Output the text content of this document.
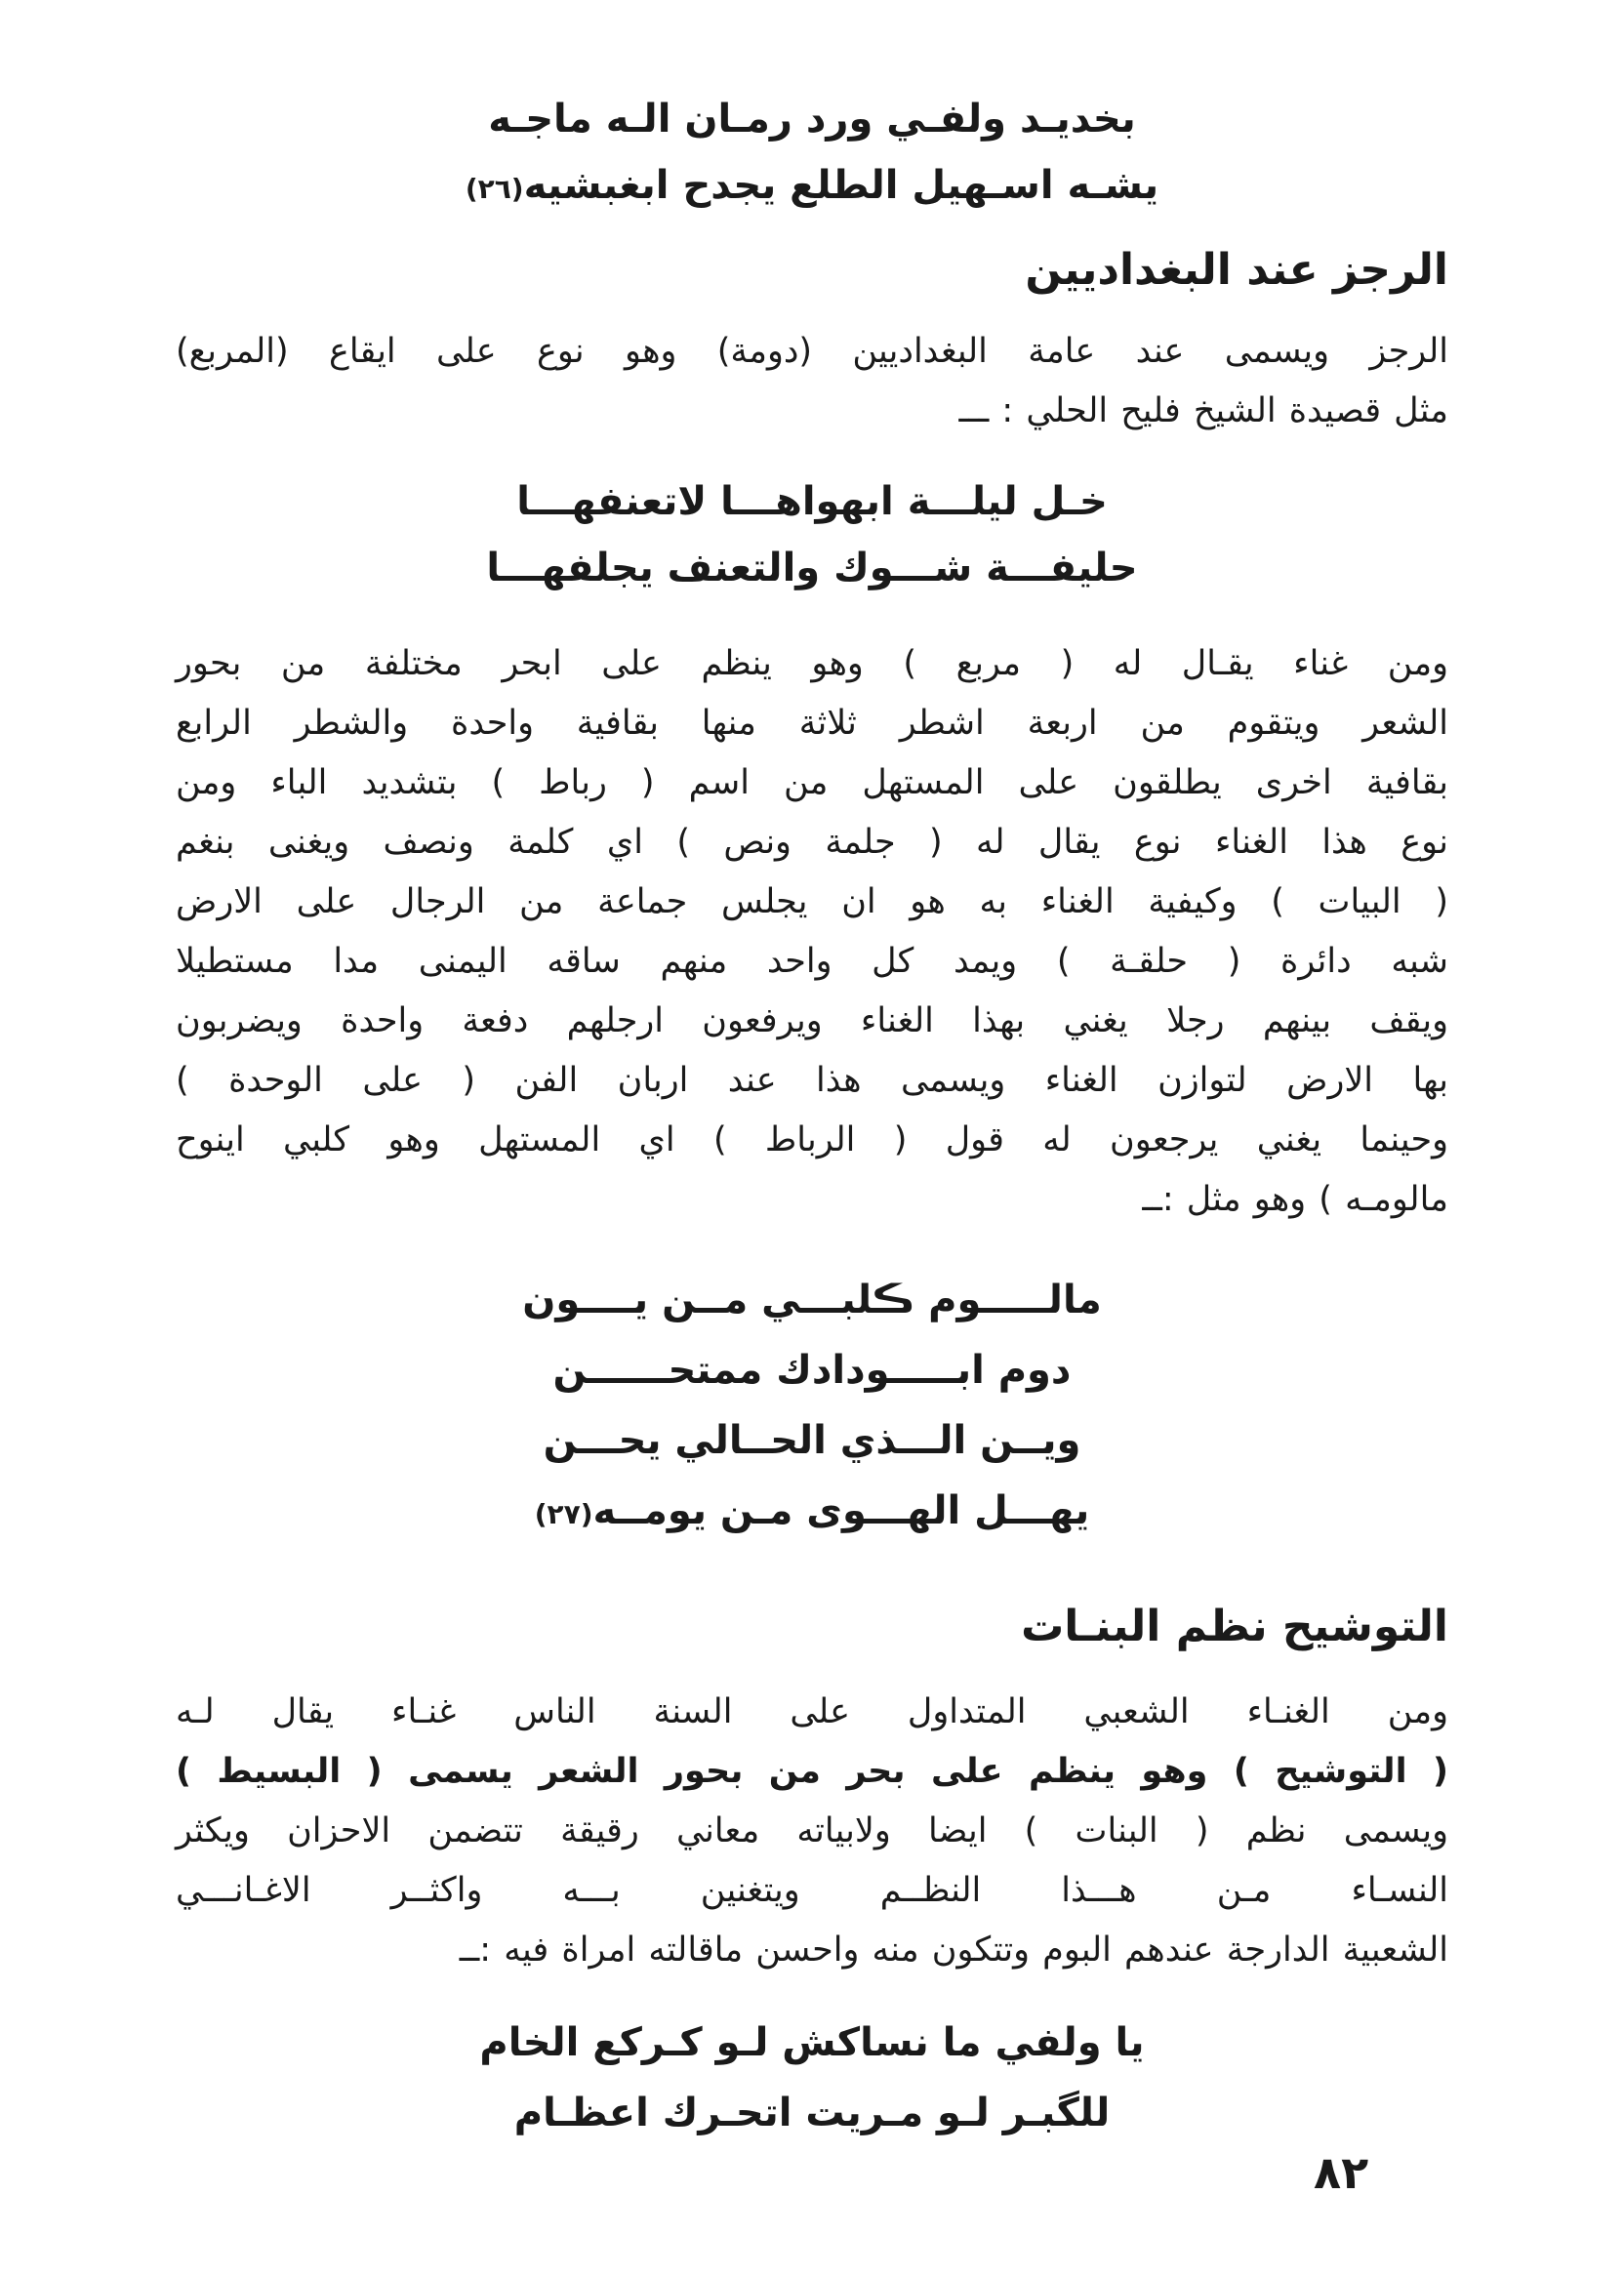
بخديـد ولفـي ورد رمـان الـه ماجـه
يشـه اسـهيل الطلع يجدح ابغبشيه(٢٦)
الرجز عند البغداديين
الرجز ويسمى عند عامة البغداديين (دومة) وهو نوع على ايقاع (المربع)
مثل قصيدة الشيخ فليح الحلي : ـــ
خـل ليلـــة ابهواهـــا لاتعنفهـــا
حليفـــة شـــوك والتعنف يجلفهـــا
ومن غناء يقـال له ( مربع ) وهو ينظم على ابحر مختلفة من بحور
الشعر ويتقوم من اربعة اشطر ثلاثة منها بقافية واحدة والشطر الرابع
بقافية اخرى يطلقون على المستهل من اسم ( رباط ) بتشديد الباء ومن
نوع هذا الغناء نوع يقال له ( جلمة ونص ) اي كلمة ونصف ويغنى بنغم
( البيات ) وكيفية الغناء به هو ان يجلس جماعة من الرجال على الارض
شبه دائرة ( حلقـة ) ويمد كل واحد منهم ساقه اليمنى مدا مستطيلا
ويقف بينهم رجلا يغني بهذا الغناء ويرفعون ارجلهم دفعة واحدة ويضربون
بها الارض لتوازن الغناء ويسمى هذا عند اربان الفن ( على الوحدة )
وحينما يغني يرجعون له قول ( الرباط ) اي المستهل وهو كلبي اينوح
مالومـه ) وهو مثل :ــ
مالـــــوم ڪلبـــي مــن يــــون
دوم ابـــــودادك ممتحــــــن
ويــن الـــذي الحــالي يحـــن
يهـــل الهـــوى مـن يومــه(٢٧)
التوشيح نظم البنـات
ومن الغنـاء الشعبي المتداول على السنة الناس غنـاء يقال لـه
( التوشيح ) وهو ينظم على بحر من بحور الشعر يسمى ( البسيط )
ويسمى نظم ( البنات ) ايضا ولابياته معاني رقيقة تتضمن الاحزان ويكثر
النسـاء مـن هـــذا النظــم ويتغنين بـــه واكثــر الاغـانـــي
الشعبية الدارجة عندهم البوم وتتكون منه واحسن ماقالته امراة فيه :ــ
يا ولفي ما نساكش لـو كـركع الخام
للگبـر لـو مـريت اتحـرك اعظـام
٨٢
